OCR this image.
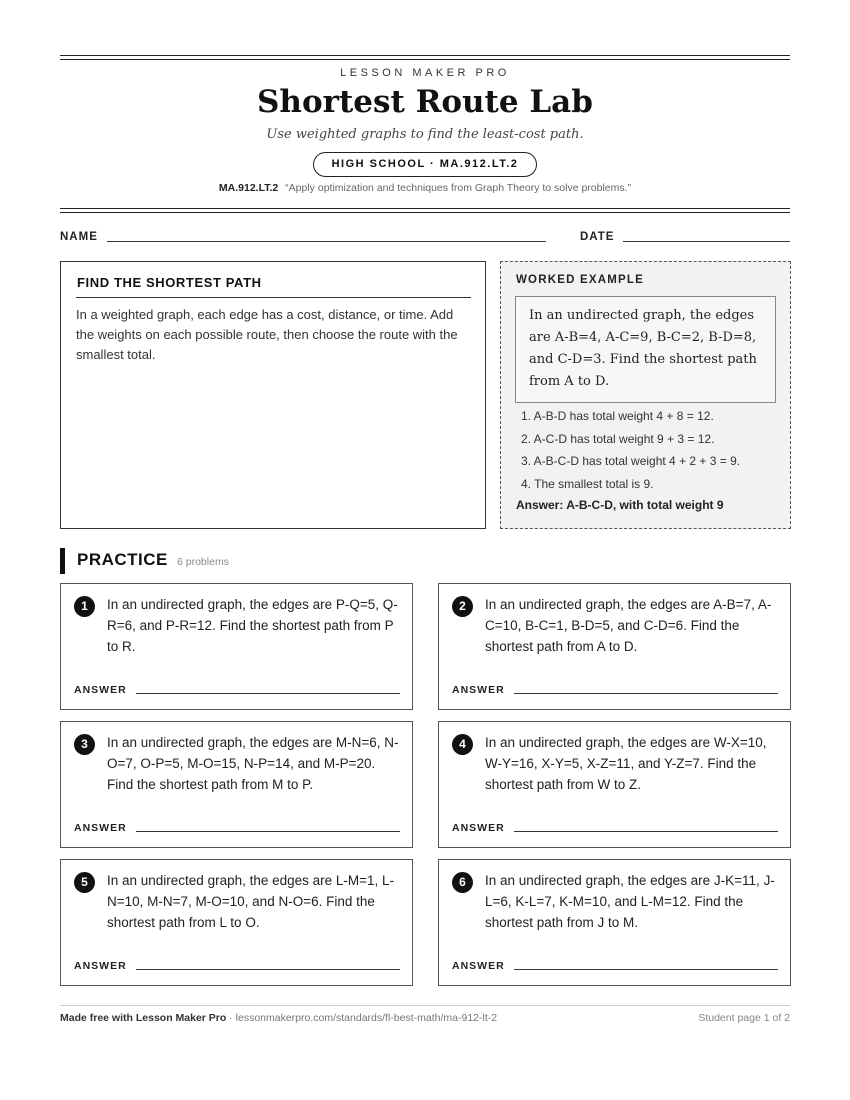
LESSON MAKER PRO
Shortest Route Lab
Use weighted graphs to find the least-cost path.
HIGH SCHOOL · MA.912.LT.2
MA.912.LT.2 “Apply optimization and techniques from Graph Theory to solve problems.”
NAME	DATE
FIND THE SHORTEST PATH
In a weighted graph, each edge has a cost, distance, or time. Add the weights on each possible route, then choose the route with the smallest total.
WORKED EXAMPLE
In an undirected graph, the edges are A-B=4, A-C=9, B-C=2, B-D=8, and C-D=3. Find the shortest path from A to D.
1. A-B-D has total weight 4 + 8 = 12.
2. A-C-D has total weight 9 + 3 = 12.
3. A-B-C-D has total weight 4 + 2 + 3 = 9.
4. The smallest total is 9.
Answer: A-B-C-D, with total weight 9
PRACTICE 6 problems
1	In an undirected graph, the edges are P-Q=5, Q-R=6, and P-R=12. Find the shortest path from P to R.
ANSWER
2	In an undirected graph, the edges are A-B=7, A-C=10, B-C=1, B-D=5, and C-D=6. Find the shortest path from A to D.
ANSWER
3	In an undirected graph, the edges are M-N=6, N-O=7, O-P=5, M-O=15, N-P=14, and M-P=20. Find the shortest path from M to P.
ANSWER
4	In an undirected graph, the edges are W-X=10, W-Y=16, X-Y=5, X-Z=11, and Y-Z=7. Find the shortest path from W to Z.
ANSWER
5	In an undirected graph, the edges are L-M=1, L-N=10, M-N=7, M-O=10, and N-O=6. Find the shortest path from L to O.
ANSWER
6	In an undirected graph, the edges are J-K=11, J-L=6, K-L=7, K-M=10, and L-M=12. Find the shortest path from J to M.
ANSWER
Made free with Lesson Maker Pro · lessonmakerpro.com/standards/fl-best-math/ma-912-lt-2	Student page 1 of 2
